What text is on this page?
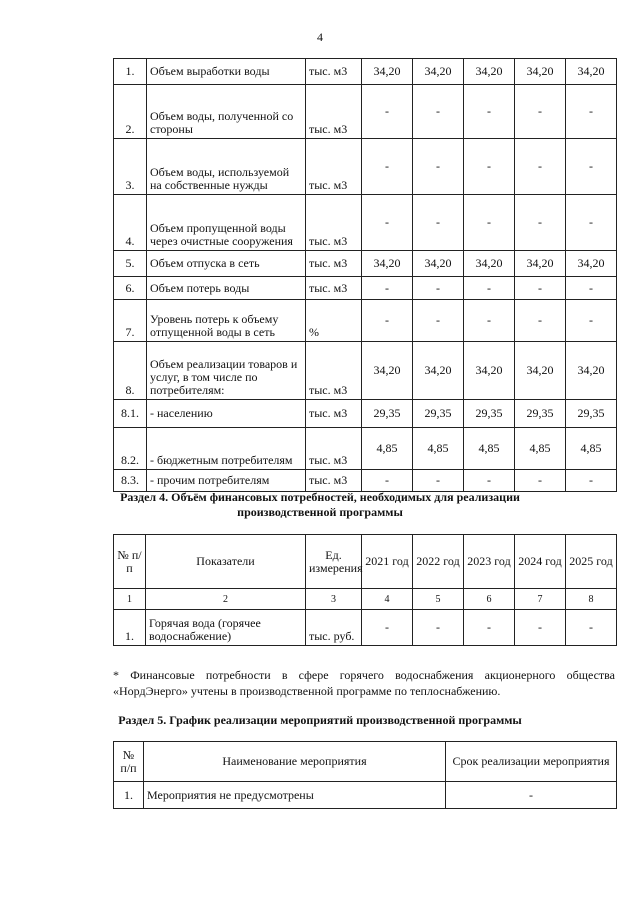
4
1.	Объем выработки воды	тыс. м3	34,20	34,20	34,20	34,20	34,20
2.	Объем воды, полученной со стороны	тыс. м3	-	-	-	-	-
3.	Объем воды, используемой на собственные нужды	тыс. м3	-	-	-	-	-
4.	Объем пропущенной воды через очистные сооружения	тыс. м3	-	-	-	-	-
5.	Объем отпуска в сеть	тыс. м3	34,20	34,20	34,20	34,20	34,20
6.	Объем потерь воды	тыс. м3	-	-	-	-	-
7.	Уровень потерь к объему отпущенной воды в сеть	%	-	-	-	-	-
8.	Объем реализации товаров и услуг, в том числе по потребителям:	тыс. м3	34,20	34,20	34,20	34,20	34,20
8.1.	- населению	тыс. м3	29,35	29,35	29,35	29,35	29,35
8.2.	- бюджетным потребителям	тыс. м3	4,85	4,85	4,85	4,85	4,85
8.3.	- прочим потребителям	тыс. м3	-	-	-	-	-
Раздел 4. Объём финансовых потребностей, необходимых для реализации
производственной программы
№ п/п	Показатели	Ед. измерения	2021 год	2022 год	2023 год	2024 год	2025 год
1	2	3	4	5	6	7	8
1.	Горячая вода (горячее водоснабжение)	тыс. руб.	-	-	-	-	-
* Финансовые потребности в сфере горячего водоснабжения акционерного общества «НордЭнерго» учтены в производственной программе по теплоснабжению.
Раздел 5. График реализации мероприятий производственной программы
№ п/п	Наименование мероприятия	Срок реализации мероприятия
1.	Мероприятия не предусмотрены	-
